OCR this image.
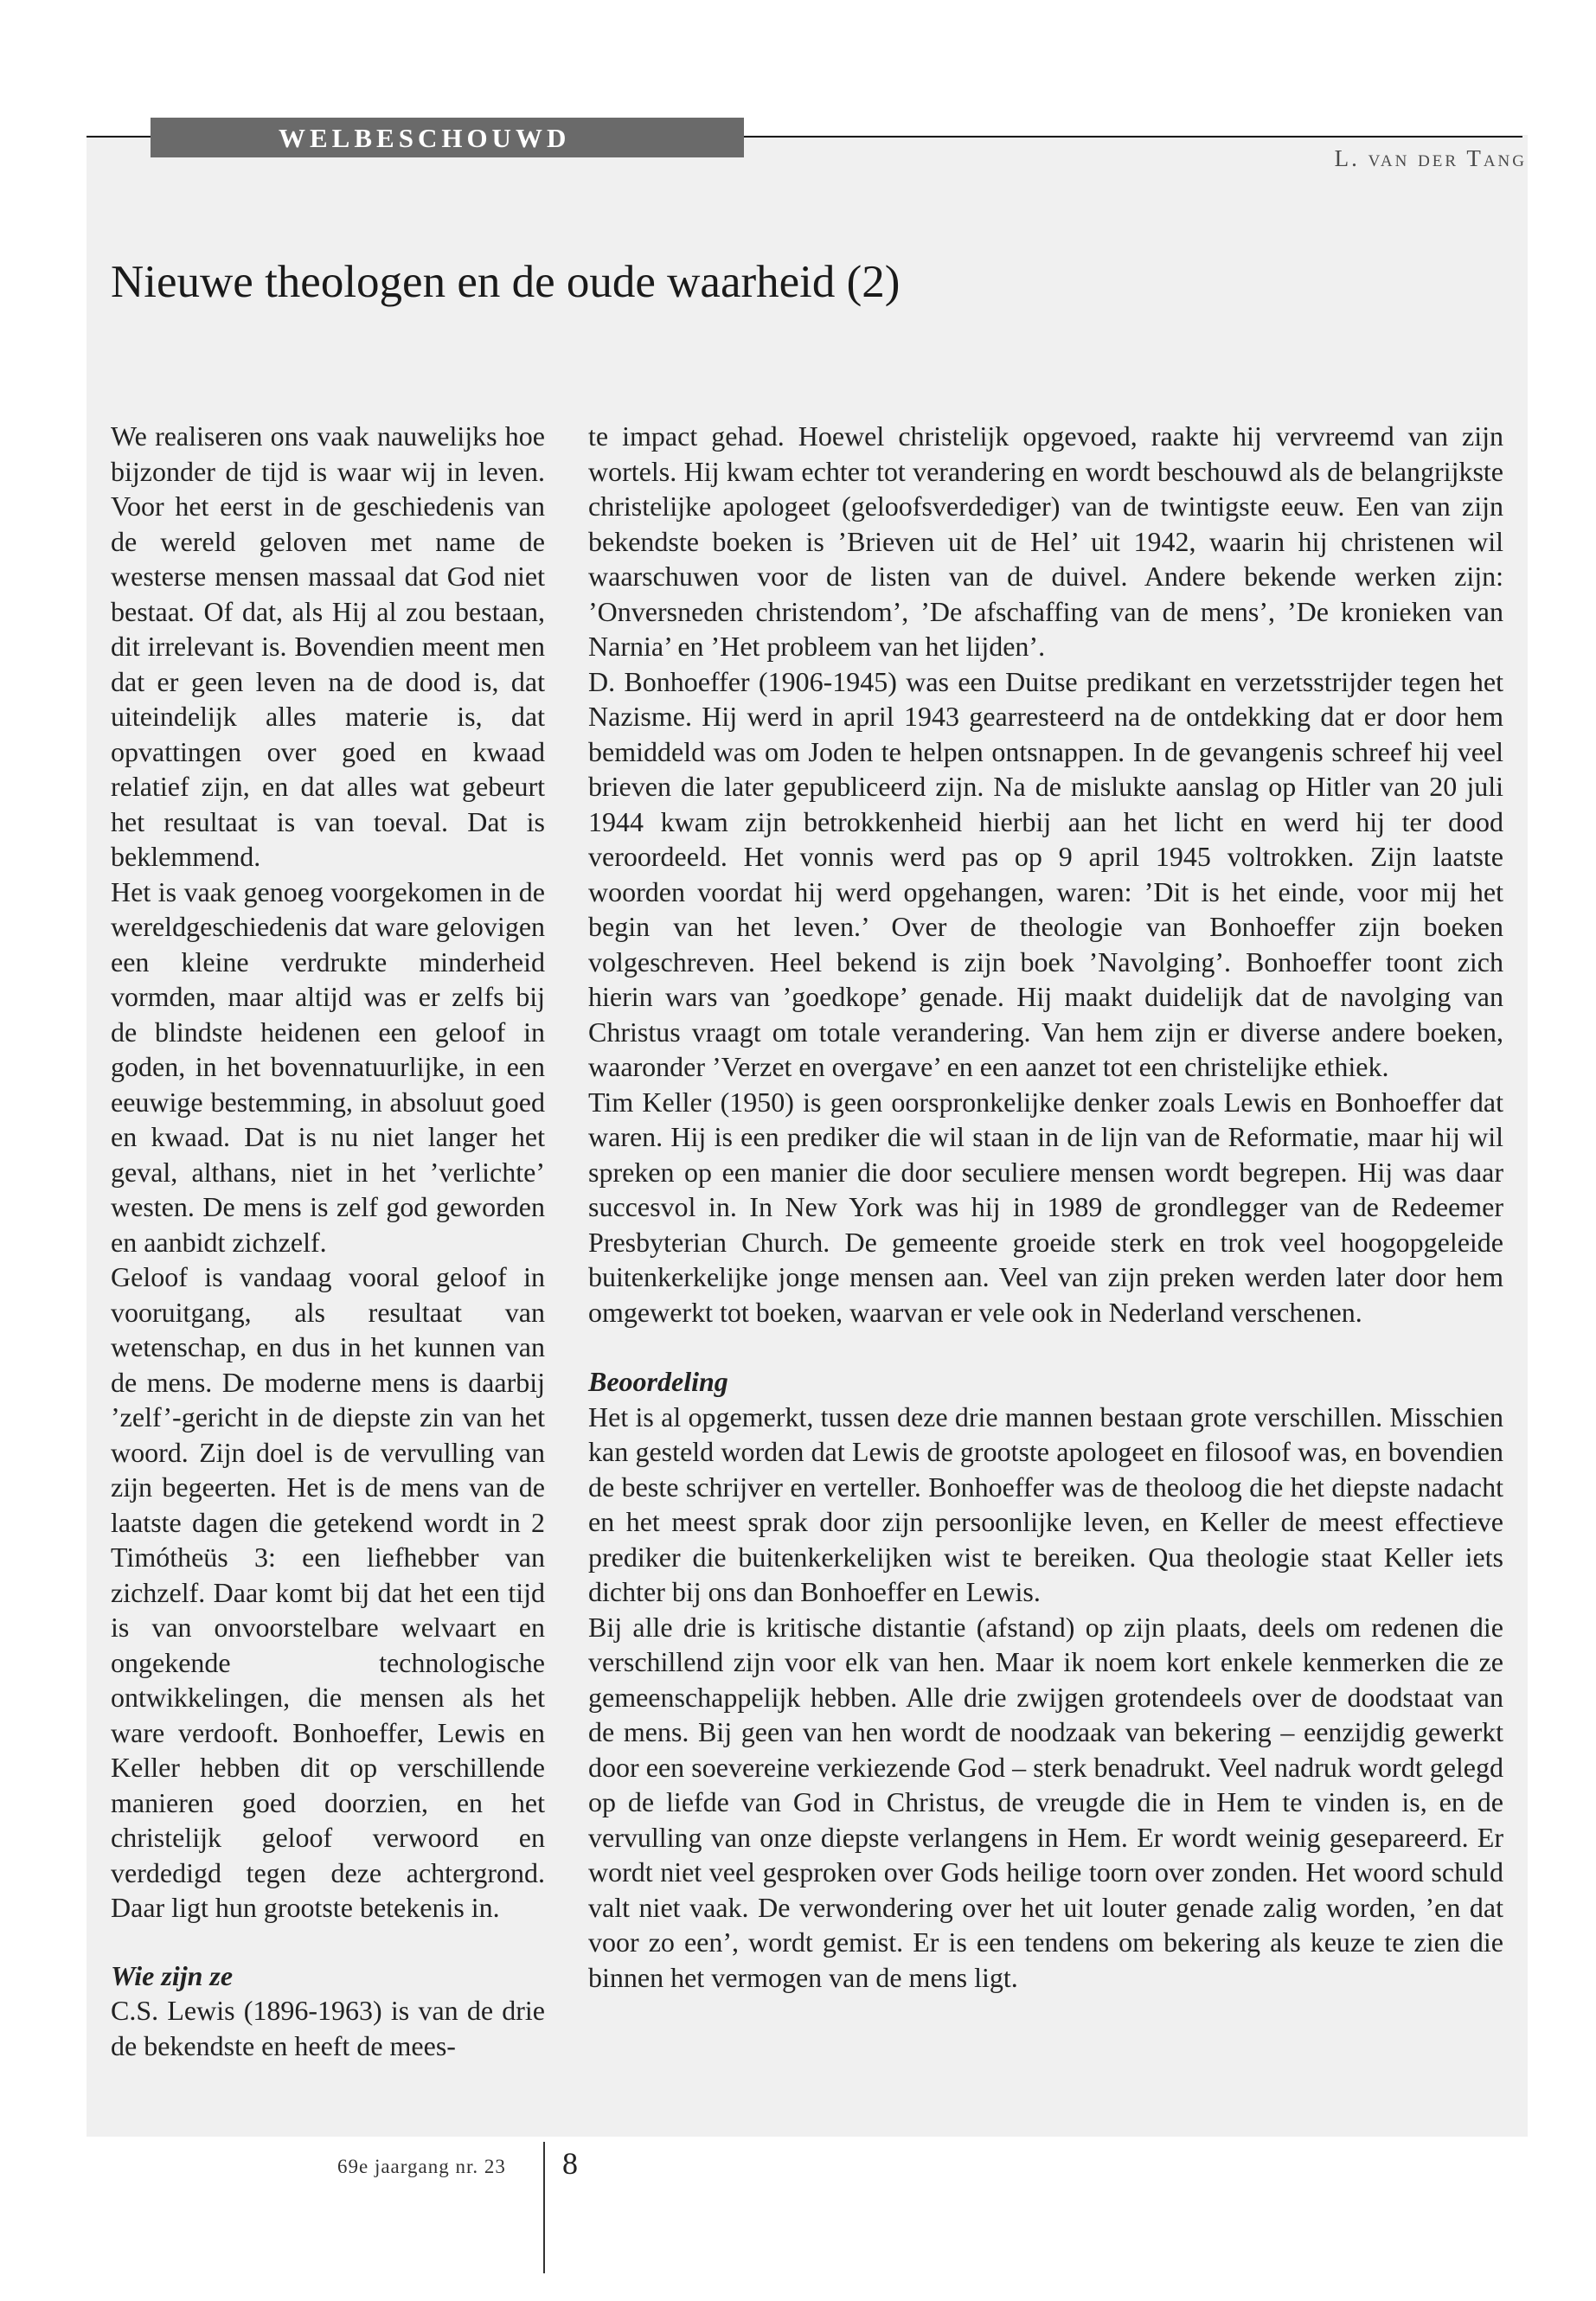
WELBESCHOUWD
L. van der Tang
Nieuwe theologen en de oude waarheid (2)

We realiseren ons vaak nauwelijks hoe bijzonder de tijd is waar wij in leven. Voor het eerst in de geschiedenis van de wereld geloven met name de westerse mensen massaal dat God niet bestaat. Of dat, als Hij al zou bestaan, dit irrelevant is. Bovendien meent men dat er geen leven na de dood is, dat uiteindelijk alles materie is, dat opvattingen over goed en kwaad relatief zijn, en dat alles wat gebeurt het resultaat is van toeval. Dat is beklemmend.

Het is vaak genoeg voorgekomen in de wereldgeschiedenis dat ware gelovigen een kleine verdrukte minderheid vormden, maar altijd was er zelfs bij de blindste heidenen een geloof in goden, in het bovennatuurlijke, in een eeuwige bestemming, in absoluut goed en kwaad. Dat is nu niet langer het geval, althans, niet in het ’verlichte’ westen. De mens is zelf god geworden en aanbidt zichzelf.

Geloof is vandaag vooral geloof in vooruitgang, als resultaat van wetenschap, en dus in het kunnen van de mens. De moderne mens is daarbij ’zelf’-gericht in de diepste zin van het woord. Zijn doel is de vervulling van zijn begeerten. Het is de mens van de laatste dagen die getekend wordt in 2 Timótheüs 3: een liefhebber van zichzelf. Daar komt bij dat het een tijd is van onvoorstelbare welvaart en ongekende technologische ontwikkelingen, die mensen als het ware verdooft. Bonhoeffer, Lewis en Keller hebben dit op verschillende manieren goed doorzien, en het christelijk geloof verwoord en verdedigd tegen deze achtergrond. Daar ligt hun grootste betekenis in.

Wie zijn ze

C.S. Lewis (1896-1963) is van de drie de bekendste en heeft de mees-

te impact gehad. Hoewel christelijk opgevoed, raakte hij vervreemd van zijn wortels. Hij kwam echter tot verandering en wordt beschouwd als de belangrijkste christelijke apologeet (geloofsverdediger) van de twintigste eeuw. Een van zijn bekendste boeken is ’Brieven uit de Hel’ uit 1942, waarin hij christenen wil waarschuwen voor de listen van de duivel. Andere bekende werken zijn: ’Onversneden christendom’, ’De afschaffing van de mens’, ’De kronieken van Narnia’ en ’Het probleem van het lijden’.

D. Bonhoeffer (1906-1945) was een Duitse predikant en verzetsstrijder tegen het Nazisme. Hij werd in april 1943 gearresteerd na de ontdekking dat er door hem bemiddeld was om Joden te helpen ontsnappen. In de gevangenis schreef hij veel brieven die later gepubliceerd zijn. Na de mislukte aanslag op Hitler van 20 juli 1944 kwam zijn betrokkenheid hierbij aan het licht en werd hij ter dood veroordeeld. Het vonnis werd pas op 9 april 1945 voltrokken. Zijn laatste woorden voordat hij werd opgehangen, waren: ’Dit is het einde, voor mij het begin van het leven.’ Over de theologie van Bonhoeffer zijn boeken volgeschreven. Heel bekend is zijn boek ’Navolging’. Bonhoeffer toont zich hierin wars van ’goedkope’ genade. Hij maakt duidelijk dat de navolging van Christus vraagt om totale verandering. Van hem zijn er diverse andere boeken, waaronder ’Verzet en overgave’ en een aanzet tot een christelijke ethiek.

Tim Keller (1950) is geen oorspronkelijke denker zoals Lewis en Bonhoeffer dat waren. Hij is een prediker die wil staan in de lijn van de Reformatie, maar hij wil spreken op een manier die door seculiere mensen wordt begrepen. Hij was daar succesvol in. In New York was hij in 1989 de grondlegger van de Redeemer Presbyterian Church. De gemeente groeide sterk en trok veel hoogopgeleide buitenkerkelijke jonge mensen aan. Veel van zijn preken werden later door hem omgewerkt tot boeken, waarvan er vele ook in Nederland verschenen.

Beoordeling

Het is al opgemerkt, tussen deze drie mannen bestaan grote verschillen. Misschien kan gesteld worden dat Lewis de grootste apologeet en filosoof was, en bovendien de beste schrijver en verteller. Bonhoeffer was de theoloog die het diepste nadacht en het meest sprak door zijn persoonlijke leven, en Keller de meest effectieve prediker die buitenkerkelijken wist te bereiken. Qua theologie staat Keller iets dichter bij ons dan Bonhoeffer en Lewis.

Bij alle drie is kritische distantie (afstand) op zijn plaats, deels om redenen die verschillend zijn voor elk van hen. Maar ik noem kort enkele kenmerken die ze gemeenschappelijk hebben. Alle drie zwijgen grotendeels over de doodstaat van de mens. Bij geen van hen wordt de noodzaak van bekering – eenzijdig gewerkt door een soevereine verkiezende God – sterk benadrukt. Veel nadruk wordt gelegd op de liefde van God in Christus, de vreugde die in Hem te vinden is, en de vervulling van onze diepste verlangens in Hem. Er wordt weinig gesepareerd. Er wordt niet veel gesproken over Gods heilige toorn over zonden. Het woord schuld valt niet vaak. De verwondering over het uit louter genade zalig worden, ’en dat voor zo een’, wordt gemist. Er is een tendens om bekering als keuze te zien die binnen het vermogen van de mens ligt.

69e jaargang nr. 23 8
